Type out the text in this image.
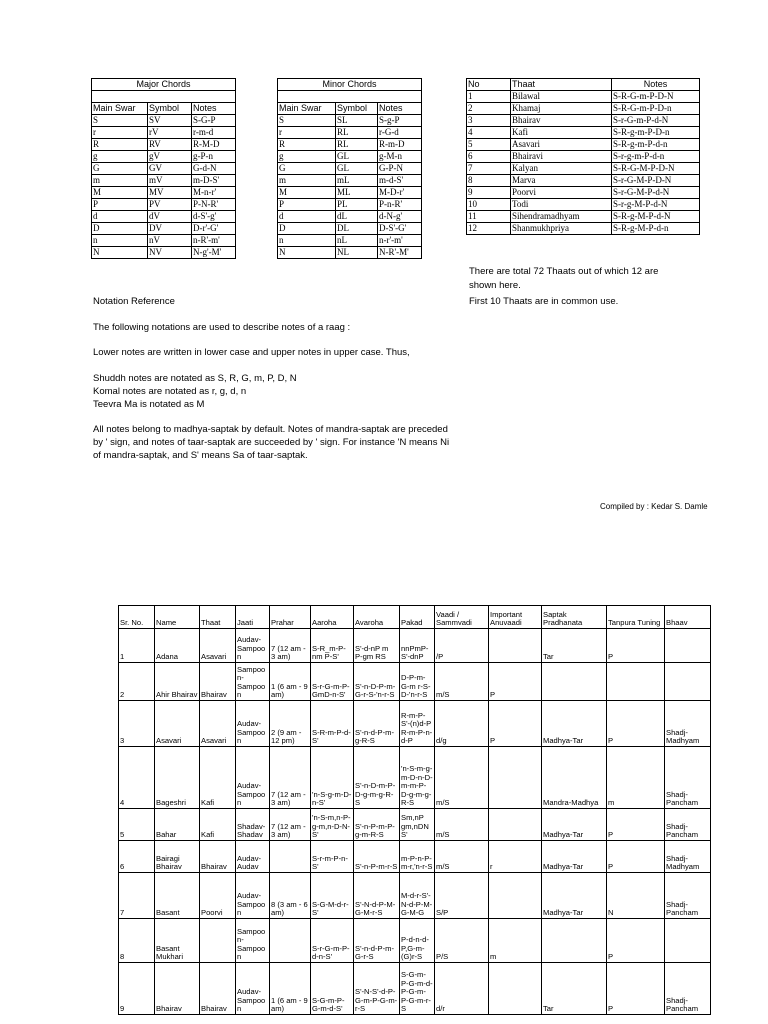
Major Chords		

Main Swar	Symbol	Notes
S	SV	S-G-P
r	rV	r-m-d
R	RV	R-M-D
g	gV	g-P-n
G	GV	G-d-N
m	mV	m-D-S'
M	MV	M-n-r'
P	PV	P-N-R'
d	dV	d-S'-g'
D	DV	D-r'-G'
n	nV	n-R'-m'
N	NV	N-g'-M'
Minor Chords		

Main Swar	Symbol	Notes
S	SL	S-g-P
r	RL	r-G-d
R	RL	R-m-D
g	GL	g-M-n
G	GL	G-P-N
m	mL	m-d-S'
M	ML	M-D-r'
P	PL	P-n-R'
d	dL	d-N-g'
D	DL	D-S'-G'
n	nL	n-r'-m'
N	NL	N-R'-M'
No	Thaat	Notes
1	Bilawal	S-R-G-m-P-D-N
2	Khamaj	S-R-G-m-P-D-n
3	Bhairav	S-r-G-m-P-d-N
4	Kafi	S-R-g-m-P-D-n
5	Asavari	S-R-g-m-P-d-n
6	Bhairavi	S-r-g-m-P-d-n
7	Kalyan	S-R-G-M-P-D-N
8	Marva	S-r-G-M-P-D-N
9	Poorvi	S-r-G-M-P-d-N
10	Todi	S-r-g-M-P-d-N
11	Sihendramadhyam	S-R-g-M-P-d-N
12	Shanmukhpriya	S-R-g-M-P-d-n
There are total 72 Thaats out of which 12 are
shown here.
First 10 Thaats are in common use.
Notation Reference
The following notations are used to describe notes of a raag :
Lower notes are written in lower case and upper notes in upper case. Thus,
Shuddh notes are notated as S, R, G, m, P, D, N
Komal notes are notated as r, g, d, n
Teevra Ma is notated as M
All notes belong to madhya-saptak by default. Notes of mandra-saptak are preceded by ' sign, and notes of taar-saptak are succeeded by ' sign. For instance 'N means Ni of mandra-saptak, and S' means Sa of taar-saptak.
Compiled by : Kedar S. Damle
Sr. No.	Name	Thaat	Jaati	Prahar	Aaroha	Avaroha	Pakad	Vaadi / Sammvadi	Important Anuvaadi	Saptak Pradhanata	Tanpura Tuning	Bhaav
1	Adana	Asavari	Audav-Sampoo n	7 (12 am - 3 am)	S-R_m-P-nm P-S'	S'-d-nP m P-gm RS	nnPmP-S'-dnP	/P		Tar	P	
2	Ahir Bhairav	Bhairav	Sampoo n-Sampoo n	1 (6 am - 9 am)	S-r-G-m-P-GmD-n-S'	S'-n-D-P-m-G-r-S-'n-r-S	D-P-m-G-m r-S-D-'n-r-S	m/S	P			
3	Asavari	Asavari	Audav-Sampoo n	2 (9 am - 12 pm)	S-R-m-P-d-S'	S'-n-d-P-m-g-R-S	R-m-P-S'-(n)d-P R-m-P-n-d-P	d/g	P	Madhya-Tar	P	Shadj-Madhyam
4	Bageshri	Kafi	Audav-Sampoo n	7 (12 am - 3 am)	'n-S-g-m-D-n-S'	S'-n-D-m-P-D-g-m-g-R-S	'n-S-m-g-m-D-n-D-m-m-P-D-g-m-g-R-S	m/S		Mandra-Madhya	m	Shadj-Pancham
5	Bahar	Kafi	Shadav-Shadav	7 (12 am - 3 am)	'n-S-m,n-P-g-m,n-D-N-S'	S'-n-P-m-P-g-m-R-S	Sm,nP gm,nDN S'	m/S		Madhya-Tar	P	Shadj-Pancham
6	Bairagi Bhairav	Bhairav	Audav-Audav		S-r-m-P-n-S'	S'-n-P-m-r-S	m-P-n-P-m-r,'n-r-S	m/S	r	Madhya-Tar	P	Shadj-Madhyam
7	Basant	Poorvi	Audav-Sampoo n	8 (3 am - 6 am)	S-G-M-d-r-S'	S'-N-d-P-M-G-M-r-S	M-d-r-S'-N-d-P-M-G-M-G	S/P		Madhya-Tar	N	Shadj-Pancham
8	Basant Mukhari		Sampoo n-Sampoo n		S-r-G-m-P-d-n-S'	S'-n-d-P-m-G-r-S	P-d-n-d-P,G-m-(G)r-S	P/S	m		P	
9	Bhairav	Bhairav	Audav-Sampoo n	1 (6 am - 9 am)	S-G-m-P-G-m-d-S'	S'-N-S'-d-P-G-m-P-G-m-r-S	S-G-m-P-G-m-d-P-G-m-P-G-m-r-S	d/r		Tar	P	Shadj-Pancham
